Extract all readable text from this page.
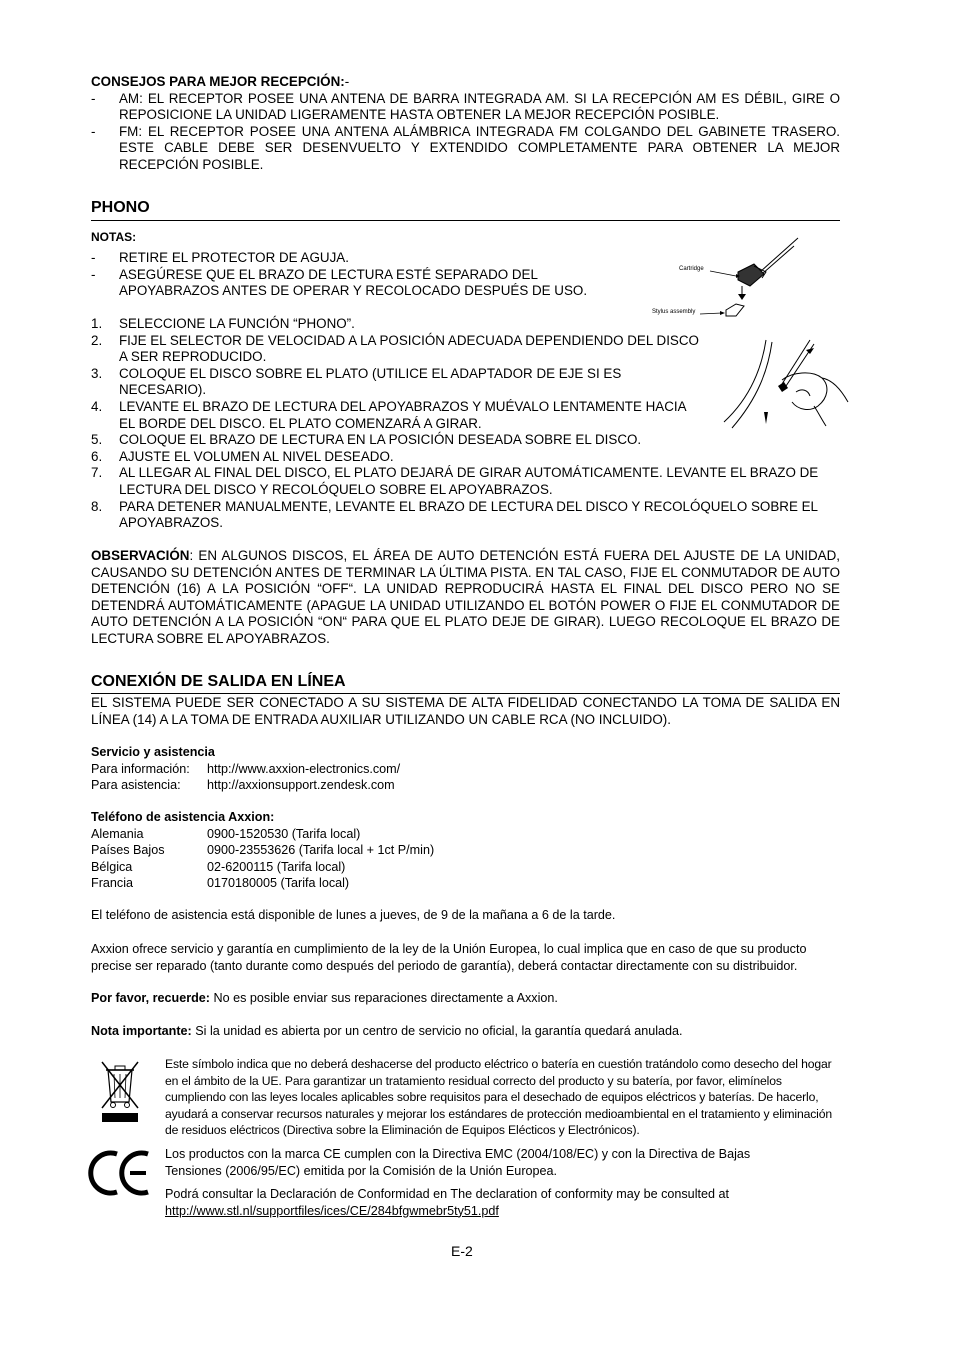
CONSEJOS PARA MEJOR RECEPCIÓN:-
- AM: EL RECEPTOR POSEE UNA ANTENA DE BARRA INTEGRADA AM. SI LA RECEPCIÓN AM ES DÉBIL, GIRE O REPOSICIONE LA UNIDAD LIGERAMENTE HASTA OBTENER LA MEJOR RECEPCIÓN POSIBLE.
- FM: EL RECEPTOR POSEE UNA ANTENA ALÁMBRICA INTEGRADA FM COLGANDO DEL GABINETE TRASERO. ESTE CABLE DEBE SER DESENVUELTO Y EXTENDIDO COMPLETAMENTE PARA OBTENER LA MEJOR RECEPCIÓN POSIBLE.
PHONO
NOTAS:
- RETIRE EL PROTECTOR DE AGUJA.
- ASEGÚRESE QUE EL BRAZO DE LECTURA ESTÉ SEPARADO DEL APOYABRAZOS ANTES DE OPERAR Y RECOLOCADO DESPUÉS DE USO.
Cartridge
Stylus assembly
1. SELECCIONE LA FUNCIÓN “PHONO”.
2. FIJE EL SELECTOR DE VELOCIDAD A LA POSICIÓN ADECUADA DEPENDIENDO DEL DISCO A SER REPRODUCIDO.
3. COLOQUE EL DISCO SOBRE EL PLATO (UTILICE EL ADAPTADOR DE EJE SI ES NECESARIO).
4. LEVANTE EL BRAZO DE LECTURA DEL APOYABRAZOS Y MUÉVALO LENTAMENTE HACIA EL BORDE DEL DISCO. EL PLATO COMENZARÁ A GIRAR.
5. COLOQUE EL BRAZO DE LECTURA EN LA POSICIÓN DESEADA SOBRE EL DISCO.
6. AJUSTE EL VOLUMEN AL NIVEL DESEADO.
7. AL LLEGAR AL FINAL DEL DISCO, EL PLATO DEJARÁ DE GIRAR AUTOMÁTICAMENTE. LEVANTE EL BRAZO DE LECTURA DEL DISCO Y RECOLÓQUELO SOBRE EL APOYABRAZOS.
8. PARA DETENER MANUALMENTE, LEVANTE EL BRAZO DE LECTURA DEL DISCO Y RECOLÓQUELO SOBRE EL APOYABRAZOS.
OBSERVACIÓN: EN ALGUNOS DISCOS, EL ÁREA DE AUTO DETENCIÓN ESTÁ FUERA DEL AJUSTE DE LA UNIDAD, CAUSANDO SU DETENCIÓN ANTES DE TERMINAR LA ÚLTIMA PISTA. EN TAL CASO, FIJE EL CONMUTADOR DE AUTO DETENCIÓN (16) A LA POSICIÓN “OFF“. LA UNIDAD REPRODUCIRÁ HASTA EL FINAL DEL DISCO PERO NO SE DETENDRÁ AUTOMÁTICAMENTE (APAGUE LA UNIDAD UTILIZANDO EL BOTÓN POWER O FIJE EL CONMUTADOR DE AUTO DETENCIÓN A LA POSICIÓN “ON“ PARA QUE EL PLATO DEJE DE GIRAR). LUEGO RECOLOQUE EL BRAZO DE LECTURA SOBRE EL APOYABRAZOS.
CONEXIÓN DE SALIDA EN LÍNEA
EL SISTEMA PUEDE SER CONECTADO A SU SISTEMA DE ALTA FIDELIDAD CONECTANDO LA TOMA DE SALIDA EN LÍNEA (14) A LA TOMA DE ENTRADA AUXILIAR UTILIZANDO UN CABLE RCA (NO INCLUIDO).
Servicio y asistencia
Para información:	http://www.axxion-electronics.com/
Para asistencia:	http://axxionsupport.zendesk.com
Teléfono de asistencia Axxion:
Alemania	0900-1520530 (Tarifa local)
Países Bajos	0900-23553626 (Tarifa local + 1ct P/min)
Bélgica	02-6200115 (Tarifa local)
Francia	0170180005 (Tarifa local)
El teléfono de asistencia está disponible de lunes a jueves, de 9 de la mañana a 6 de la tarde.
Axxion ofrece servicio y garantía en cumplimiento de la ley de la Unión Europea, lo cual implica que en caso de que su producto precise ser reparado (tanto durante como después del periodo de garantía), deberá contactar directamente con su distribuidor.
Por favor, recuerde: No es posible enviar sus reparaciones directamente a Axxion.
Nota importante: Si la unidad es abierta por un centro de servicio no oficial, la garantía quedará anulada.
Este símbolo indica que no deberá deshacerse del producto eléctrico o batería en cuestión tratándolo como desecho del hogar en el ámbito de la UE. Para garantizar un tratamiento residual correcto del producto y su batería, por favor, elimínelos cumpliendo con las leyes locales aplicables sobre requisitos para el desechado de equipos eléctricos y baterías. De hacerlo, ayudará a conservar recursos naturales y mejorar los estándares de protección medioambiental en el tratamiento y eliminación de residuos eléctricos (Directiva sobre la Eliminación de Equipos Elécticos y Electrónicos).
Los productos con la marca CE cumplen con la Directiva EMC (2004/108/EC) y con la Directiva de Bajas Tensiones (2006/95/EC) emitida por la Comisión de la Unión Europea.
Podrá consultar la Declaración de Conformidad en The declaration of conformity may be consulted at http://www.stl.nl/supportfiles/ices/CE/284bfgwmebr5ty51.pdf
E-2
